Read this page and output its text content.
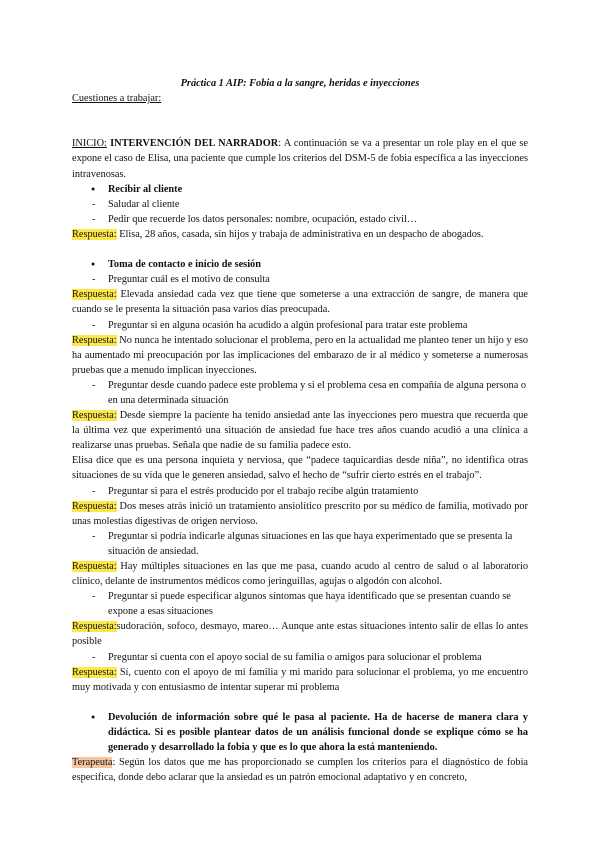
Práctica 1 AIP: Fobia a la sangre, heridas e inyecciones

Cuestiones a trabajar:

INICIO: INTERVENCIÓN DEL NARRADOR: A continuación se va a presentar un role play en el que se expone el caso de Elisa, una paciente que cumple los criterios del DSM-5 de fobia específica a las inyecciones intravenosas.

● Recibir al cliente

- Saludar al cliente

- Pedir que recuerde los datos personales: nombre, ocupación, estado civil…

Respuesta: Elisa, 28 años, casada, sin hijos y trabaja de administrativa en un despacho de abogados.

● Toma de contacto e inicio de sesión

- Preguntar cuál es el motivo de consulta

Respuesta: Elevada ansiedad cada vez que tiene que someterse a una extracción de sangre, de manera que cuando se le presenta la situación pasa varios días preocupada.

- Preguntar si en alguna ocasión ha acudido a algún profesional para tratar este problema

Respuesta: No nunca he intentado solucionar el problema, pero en la actualidad me planteo tener un hijo y eso ha aumentado mi preocupación por las implicaciones del embarazo de ir al médico y someterse a numerosas pruebas que a menudo implican inyecciones.

- Preguntar desde cuando padece este problema y si el problema cesa en compañía de alguna persona o en una determinada situación

Respuesta: Desde siempre la paciente ha tenido ansiedad ante las inyecciones pero muestra que recuerda que la última vez que experimentó una situación de ansiedad fue hace tres años cuando acudió a una clínica a realizarse unas pruebas. Señala que nadie de su familia padece esto.

Elisa dice que es una persona inquieta y nerviosa, que “padece taquicardias desde niña”, no identifica otras situaciones de su vida que le generen ansiedad, salvo el hecho de “sufrir cierto estrés en el trabajo”.

- Preguntar si para el estrés producido por el trabajo recibe algún tratamiento

Respuesta: Dos meses atrás inició un tratamiento ansiolítico prescrito por su médico de familia, motivado por unas molestias digestivas de origen nervioso.

- Preguntar si podría indicarle algunas situaciones en las que haya experimentado que se presenta la situación de ansiedad.

Respuesta: Hay múltiples situaciones en las que me pasa, cuando acudo al centro de salud o al laboratorio clínico, delante de instrumentos médicos como jeringuillas, agujas o algodón con alcohol.

- Preguntar si puede especificar algunos síntomas que haya identificado que se presentan cuando se expone a esas situaciones

Respuesta:sudoración, sofoco, desmayo, mareo… Aunque ante estas situaciones intento salir de ellas lo antes posible

- Preguntar si cuenta con el apoyo social de su familia o amigos para solucionar el problema

Respuesta: Sí, cuento con el apoyo de mi familia y mi marido para solucionar el problema, yo me encuentro muy motivada y con entusiasmo de intentar superar mi problema

● Devolución de información sobre qué le pasa al paciente. Ha de hacerse de manera clara y didáctica. Si es posible plantear datos de un análisis funcional donde se explique cómo se ha generado y desarrollado la fobia y que es lo que ahora la está manteniendo.

Terapeuta: Según los datos que me has proporcionado se cumplen los criterios para el diagnóstico de fobia específica, donde debo aclarar que la ansiedad es un patrón emocional adaptativo y en concreto,
